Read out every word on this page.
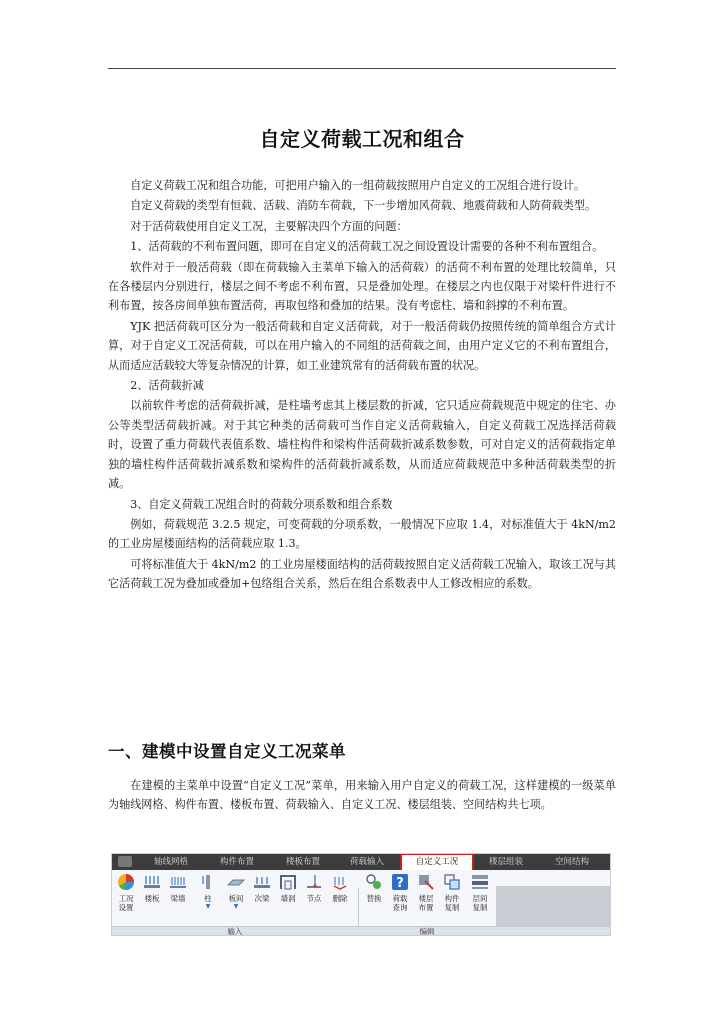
自定义荷载工况和组合

自定义荷载工况和组合功能，可把用户输入的一组荷载按照用户自定义的工况组合进行设计。

自定义荷载的类型有恒载、活载、消防车荷载，下一步增加风荷载、地震荷载和人防荷载类型。

对于活荷载使用自定义工况，主要解决四个方面的问题：

1、活荷载的不利布置问题，即可在自定义的活荷载工况之间设置设计需要的各种不利布置组合。

软件对于一般活荷载（即在荷载输入主菜单下输入的活荷载）的活荷不利布置的处理比较简单，只在各楼层内分别进行，楼层之间不考虑不利布置，只是叠加处理。在楼层之内也仅限于对梁杆件进行不利布置，按各房间单独布置活荷，再取包络和叠加的结果。没有考虑柱、墙和斜撑的不利布置。

YJK 把活荷载可区分为一般活荷载和自定义活荷载，对于一般活荷载仍按照传统的简单组合方式计算，对于自定义工况活荷载，可以在用户输入的不同组的活荷载之间，由用户定义它的不利布置组合，从而适应活载较大等复杂情况的计算，如工业建筑常有的活荷载布置的状况。

2、活荷载折减

以前软件考虑的活荷载折减，是柱墙考虑其上楼层数的折减，它只适应荷载规范中规定的住宅、办公等类型活荷载折减。对于其它种类的活荷载可当作自定义活荷载输入，自定义荷载工况选择活荷载时，设置了重力荷载代表值系数、墙柱构件和梁构件活荷载折减系数参数，可对自定义的活荷载指定单独的墙柱构件活荷载折减系数和梁构件的活荷载折减系数，从而适应荷载规范中多种活荷载类型的折减。

3、自定义荷载工况组合时的荷载分项系数和组合系数

例如，荷载规范 3.2.5 规定，可变荷载的分项系数，一般情况下应取 1.4，对标准值大于 4kN/m2 的工业房屋楼面结构的活荷载应取 1.3。

可将标准值大于 4kN/m2 的工业房屋楼面结构的活荷载按照自定义活荷载工况输入，取该工况与其它活荷载工况为叠加或叠加+包络组合关系，然后在组合系数表中人工修改相应的系数。

一、建模中设置自定义工况菜单

在建模的主菜单中设置“自定义工况”菜单，用来输入用户自定义的荷载工况，这样建模的一级菜单为轴线网格、构件布置、楼板布置、荷载输入、自定义工况、楼层组装、空间结构共七项。

轴线网格	构件布置	楼板布置	荷载输入	自定义工况	楼层组装	空间结构
工况
设置
楼板	梁墙	柱
▼
板间
▼
次梁	墙洞	节点	删除	替换
?
荷载
查询
楼层
布置
构件
复制
层间
复制
输入	编辑
